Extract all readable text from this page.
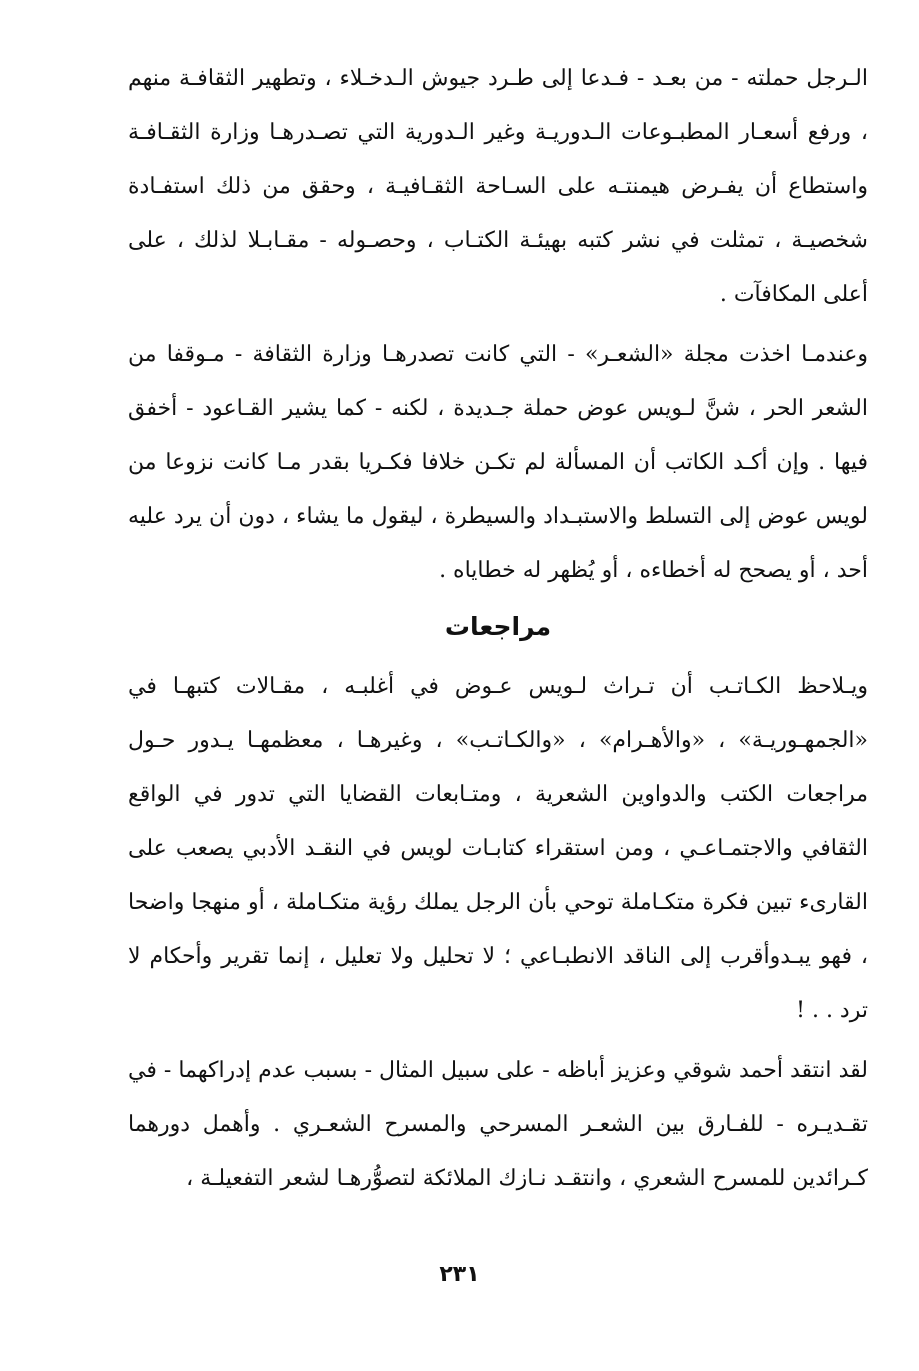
الـرجل حملته - من بعـد - فـدعا إلى طـرد جيوش الـدخـلاء ، وتطهير الثقافـة منهم ، ورفع أسعـار المطبـوعات الـدوريـة وغير الـدورية التي تصـدرهـا وزارة الثقـافـة واستطاع أن يفـرض هيمنتـه على السـاحة الثقـافيـة ، وحقق من ذلك استفـادة شخصيـة ، تمثلت في نشر كتبه بهيئـة الكتـاب ، وحصـوله - مقـابـلا لذلك ، على أعلى المكافآت .

وعندمـا اخذت مجلة «الشعـر» - التي كانت تصدرهـا وزارة الثقافة - مـوقفا من الشعر الحر ، شنَّ لـويس عوض حملة جـديدة ، لكنه - كما يشير القـاعود - أخفق فيها . وإن أكـد الكاتب أن المسألة لم تكـن خلافا فكـريا بقدر مـا كانت نزوعا من لويس عوض إلى التسلط والاستبـداد والسيطرة ، ليقول ما يشاء ، دون أن يرد عليه أحد ، أو يصحح له أخطاءه ، أو يُظهر له خطاياه .

مراجعات

ويـلاحظ الكـاتـب أن تـراث لـويس عـوض في أغلبـه ، مقـالات كتبهـا في «الجمهـوريـة» ، «والأهـرام» ، «والكـاتـب» ، وغيرهـا ، معظمهـا يـدور حـول مراجعات الكتب والدواوين الشعرية ، ومتـابعات القضايا التي تدور في الواقع الثقافي والاجتمـاعـي ، ومن استقراء كتابـات لويس في النقـد الأدبي يصعب على القارىء تبين فكرة متكـاملة توحي بأن الرجل يملك رؤية متكـاملة ، أو منهجا واضحا ، فهو يبـدوأقرب إلى الناقد الانطبـاعي ؛ لا تحليل ولا تعليل ، إنما تقرير وأحكام لا ترد . . !

لقد انتقد أحمد شوقي وعزيز أباظه - على سبيل المثال - بسبب عدم إدراكهما - في تقـديـره - للفـارق بين الشعـر المسرحي والمسرح الشعـري . وأهمل دورهما كـرائدين للمسرح الشعري ، وانتقـد نـازك الملائكة لتصوُّرهـا لشعر التفعيلـة ،

٢٣١
